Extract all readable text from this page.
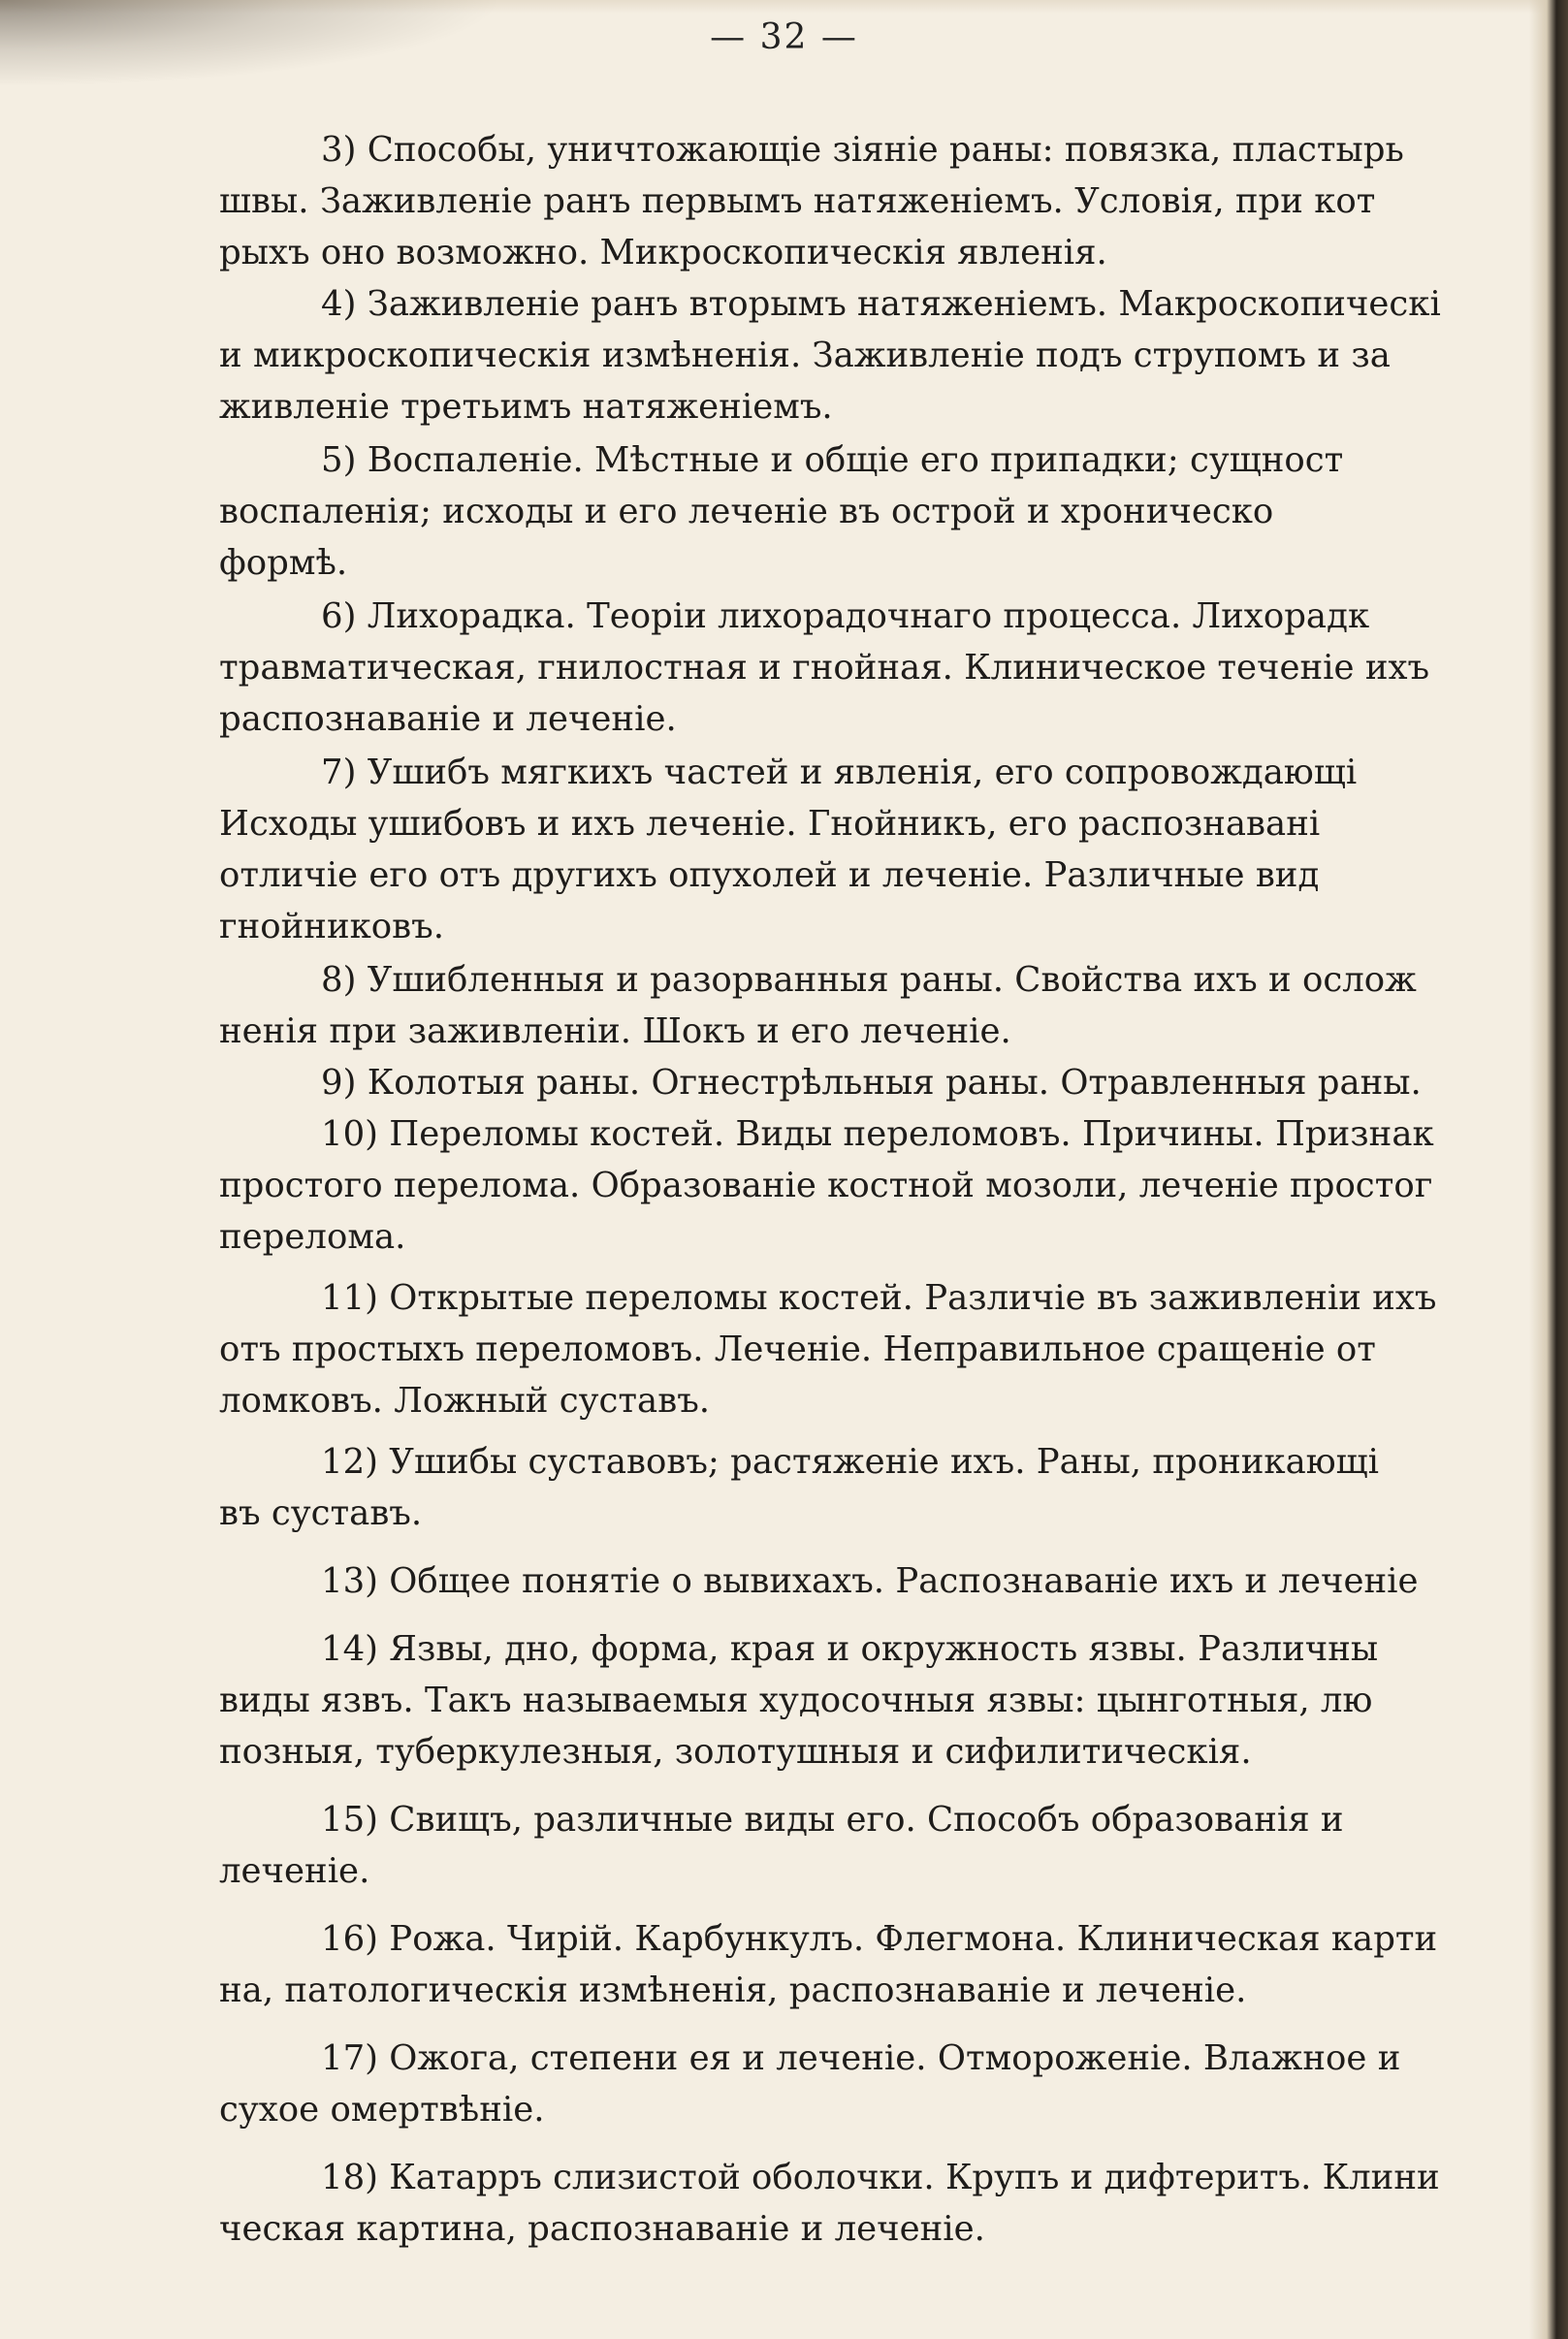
— 32 —

3) Способы, уничтожающіе зіяніе раны: повязка, пластырь
швы. Заживленіе ранъ первымъ натяженіемъ. Условія, при кот
рыхъ оно возможно. Микроскопическія явленія.

4) Заживленіе ранъ вторымъ натяженіемъ. Макроскопическі
и микроскопическія измѣненія. Заживленіе подъ струпомъ и за
живленіе третьимъ натяженіемъ.

5) Воспаленіе. Мѣстные и общіе его припадки; сущност
воспаленія; исходы и его леченіе въ острой и хроническо
формѣ.

6) Лихорадка. Теоріи лихорадочнаго процесса. Лихорадк
травматическая, гнилостная и гнойная. Клиническое теченіе ихъ
распознаваніе и леченіе.

7) Ушибъ мягкихъ частей и явленія, его сопровождающі
Исходы ушибовъ и ихъ леченіе. Гнойникъ, его распознавані
отличіе его отъ другихъ опухолей и леченіе. Различные вид
гнойниковъ.

8) Ушибленныя и разорванныя раны. Свойства ихъ и ослож
ненія при заживленіи. Шокъ и его леченіе.

9) Колотыя раны. Огнестрѣльныя раны. Отравленныя раны.

10) Переломы костей. Виды переломовъ. Причины. Признак
простого перелома. Образованіе костной мозоли, леченіе простог
перелома.

11) Открытые переломы костей. Различіе въ заживленіи ихъ
отъ простыхъ переломовъ. Леченіе. Неправильное сращеніе от
ломковъ. Ложный суставъ.

12) Ушибы суставовъ; растяженіе ихъ. Раны, проникающі
въ суставъ.

13) Общее понятіе о вывихахъ. Распознаваніе ихъ и леченіе

14) Язвы, дно, форма, края и окружность язвы. Различны
виды язвъ. Такъ называемыя худосочныя язвы: цынготныя, лю
позныя, туберкулезныя, золотушныя и сифилитическія.

15) Свищъ, различные виды его. Способъ образованія и
леченіе.

16) Рожа. Чирій. Карбункулъ. Флегмона. Клиническая карти
на, патологическія измѣненія, распознаваніе и леченіе.

17) Ожога, степени ея и леченіе. Отмороженіе. Влажное и
сухое омертвѣніе.

18) Катарръ слизистой оболочки. Крупъ и дифтеритъ. Клини
ческая картина, распознаваніе и леченіе.
